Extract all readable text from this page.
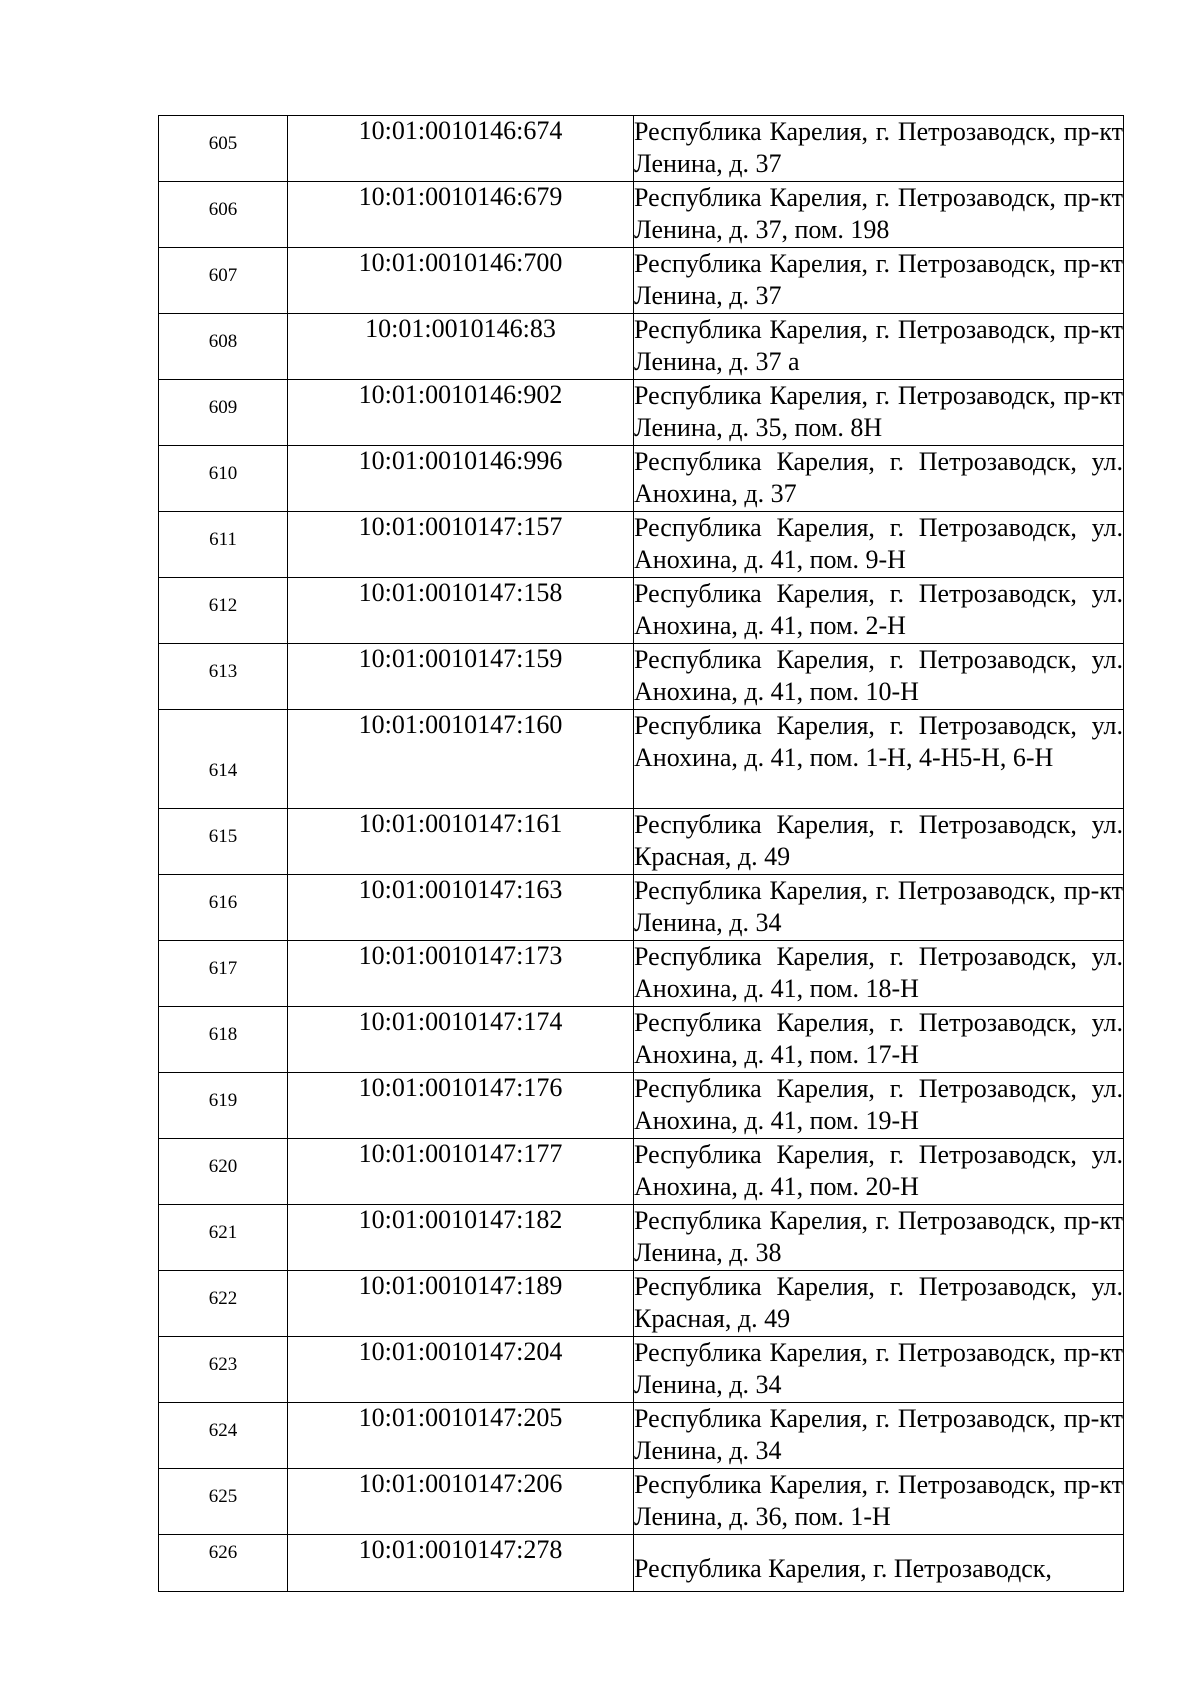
605	10:01:0010146:674	Республика Карелия, г. Петрозаводск, пр-кт Ленина, д. 37

606	10:01:0010146:679	Республика Карелия, г. Петрозаводск, пр-кт Ленина, д. 37, пом. 198

607	10:01:0010146:700	Республика Карелия, г. Петрозаводск, пр-кт Ленина, д. 37

608	10:01:0010146:83	Республика Карелия, г. Петрозаводск, пр-кт Ленина, д. 37 а

609	10:01:0010146:902	Республика Карелия, г. Петрозаводск, пр-кт Ленина, д. 35, пом. 8Н

610	10:01:0010146:996	Республика Карелия, г. Петрозаводск, ул. Анохина, д. 37

611	10:01:0010147:157	Республика Карелия, г. Петрозаводск, ул. Анохина, д. 41, пом. 9-Н

612	10:01:0010147:158	Республика Карелия, г. Петрозаводск, ул. Анохина, д. 41, пом. 2-Н

613	10:01:0010147:159	Республика Карелия, г. Петрозаводск, ул. Анохина, д. 41, пом. 10-Н

614	10:01:0010147:160	Республика Карелия, г. Петрозаводск, ул. Анохина, д. 41, пом. 1-Н, 4-Н5-Н, 6-Н

615	10:01:0010147:161	Республика Карелия, г. Петрозаводск, ул. Красная, д. 49

616	10:01:0010147:163	Республика Карелия, г. Петрозаводск, пр-кт Ленина, д. 34

617	10:01:0010147:173	Республика Карелия, г. Петрозаводск, ул. Анохина, д. 41, пом. 18-Н

618	10:01:0010147:174	Республика Карелия, г. Петрозаводск, ул. Анохина, д. 41, пом. 17-Н

619	10:01:0010147:176	Республика Карелия, г. Петрозаводск, ул. Анохина, д. 41, пом. 19-Н

620	10:01:0010147:177	Республика Карелия, г. Петрозаводск, ул. Анохина, д. 41, пом. 20-Н

621	10:01:0010147:182	Республика Карелия, г. Петрозаводск, пр-кт Ленина, д. 38

622	10:01:0010147:189	Республика Карелия, г. Петрозаводск, ул. Красная, д. 49

623	10:01:0010147:204	Республика Карелия, г. Петрозаводск, пр-кт Ленина, д. 34

624	10:01:0010147:205	Республика Карелия, г. Петрозаводск, пр-кт Ленина, д. 34

625	10:01:0010147:206	Республика Карелия, г. Петрозаводск, пр-кт Ленина, д. 36, пом. 1-Н

626	10:01:0010147:278	Республика Карелия, г. Петрозаводск,
